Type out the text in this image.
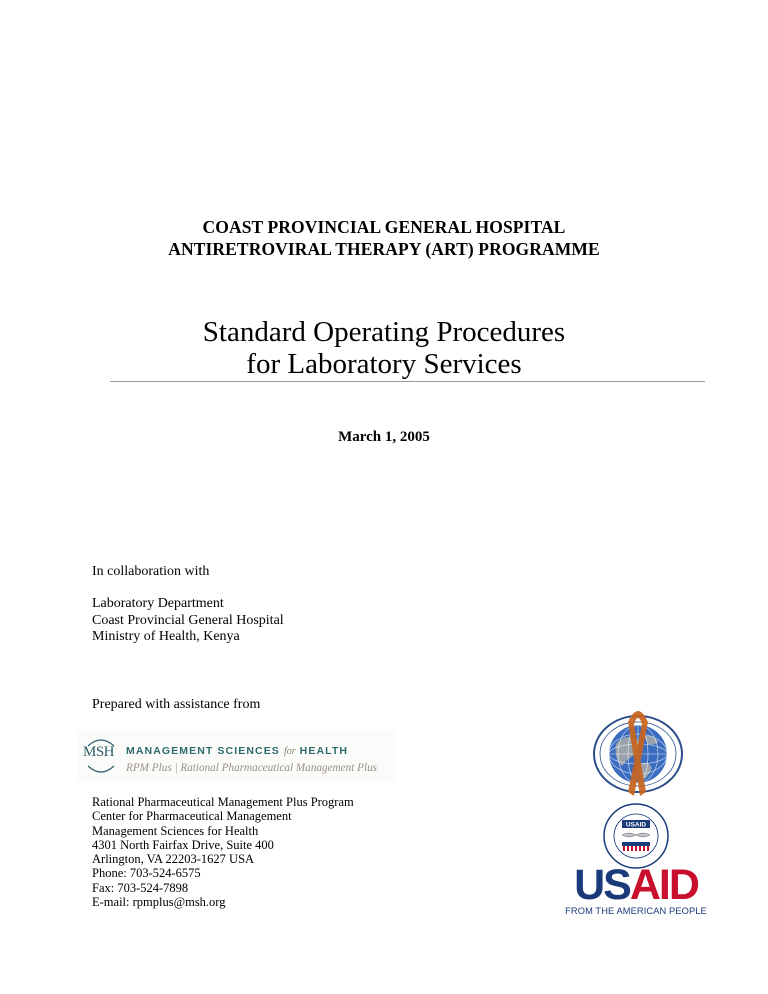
COAST PROVINCIAL GENERAL HOSPITAL
ANTIRETROVIRAL THERAPY (ART) PROGRAMME
Standard Operating Procedures
for Laboratory Services
March 1, 2005
In collaboration with
Laboratory Department
Coast Provincial General Hospital
Ministry of Health, Kenya
Prepared with assistance from
MSH MANAGEMENT SCIENCES for HEALTH
RPM Plus | Rational Pharmaceutical Management Plus
Rational Pharmaceutical Management Plus Program
Center for Pharmaceutical Management
Management Sciences for Health
4301 North Fairfax Drive, Suite 400
Arlington, VA 22203-1627 USA
Phone: 703-524-6575
Fax: 703-524-7898
E-mail: rpmplus@msh.org
USAID
USAID
FROM THE AMERICAN PEOPLE
